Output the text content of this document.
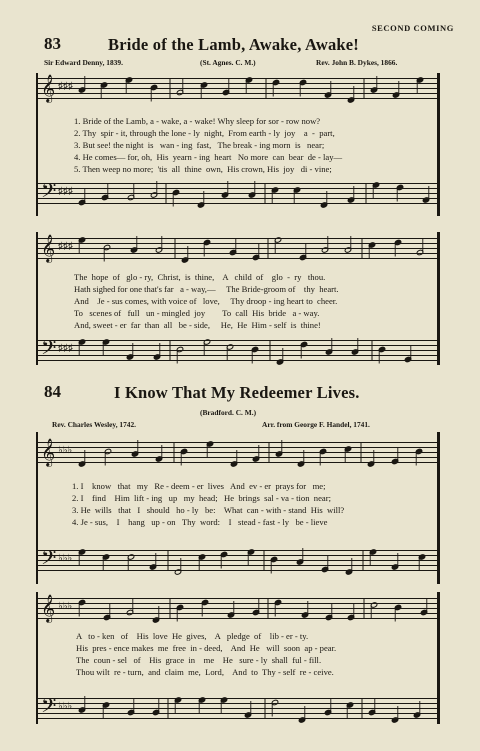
SECOND COMING
83	Bride of the Lamb, Awake, Awake!
Sir Edward Denny, 1839.	(St. Agnes. C. M.)	Rev. John B. Dykes, 1866.
𝄞 ♯♯♯
1. Bride of the Lamb, a - wake, a - wake! Why sleep for sor - row now?
2. Thy  spir - it, through the lone - ly  night,  From earth - ly  joy    a  -  part,
3. But see! the night  is   wan - ing  fast,   The break - ing morn  is   near;
4. He comes— for, oh,  His  yearn - ing  heart   No more  can  bear  de - lay—
5. Then weep no more;  'tis  all  thine  own,  His crown, His  joy   di - vine;
𝄢 ♯♯♯
𝄞 ♯♯♯
The  hope  of   glo - ry,  Christ,  is  thine,    A   child  of    glo  -  ry   thou.
Hath sighed for one that's far   a - way,—     The Bride-groom of    thy  heart.
And    Je - sus comes, with voice of   love,     Thy droop - ing heart to  cheer.
To   scenes of   full   un - mingled  joy        To  call  His  bride   a - way.
And, sweet - er  far  than  all   be - side,     He,  He  Him - self  is  thine!
𝄢 ♯♯♯
84	I Know That My Redeemer Lives.
(Bradford. C. M.)
Rev. Charles Wesley, 1742.	Arr. from George F. Handel, 1741.
𝄞 ♭♭♭
1. I    know   that   my   Re - deem - er  lives   And  ev - er  prays for   me;
2. I    find    Him  lift - ing   up   my  head;   He  brings  sal - va - tion  near;
3. He  wills   that   I   should   ho - ly   be:    What  can - with - stand  His  will?
4. Je - sus,    I    hang   up - on   Thy  word:    I   stead - fast - ly   be - lieve
𝄢 ♭♭♭
𝄞 ♭♭♭
A   to - ken   of    His  love  He  gives,    A   pledge  of    lib - er - ty.
His  pres - ence makes  me  free  in - deed,    And  He   will  soon  ap - pear.
The  coun - sel   of    His  grace  in    me    He   sure - ly  shall  ful - fill.
Thou wilt  re - turn,  and  claim  me,  Lord,    And  to  Thy - self  re - ceive.
𝄢 ♭♭♭
